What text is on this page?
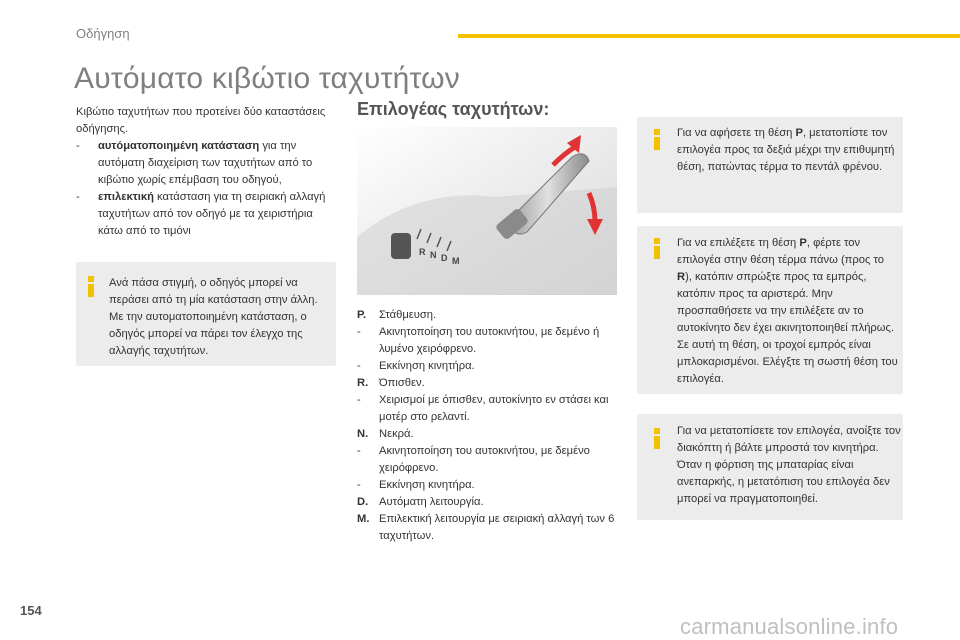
Οδήγηση
Αυτόματο κιβώτιο ταχυτήτων

Κιβώτιο ταχυτήτων που προτείνει δύο καταστάσεις οδήγησης.

-	αυτόματοποιημένη κατάσταση για την αυτόματη διαχείριση των ταχυτήτων από το κιβώτιο χωρίς επέμβαση του οδηγού,
-	επιλεκτική κατάσταση για τη σειριακή αλλαγή ταχυτήτων από τον οδηγό με τα χειριστήρια κάτω από το τιμόνι
Ανά πάσα στιγμή, ο οδηγός μπορεί να περάσει από τη μία κατάσταση στην άλλη. Με την αυτοματοποιημένη κατάσταση, ο οδηγός μπορεί να πάρει τον έλεγχο της αλλαγής ταχυτήτων.
Επιλογέας ταχυτήτων:
R N D M
P.	Στάθμευση.
-	Ακινητοποίηση του αυτοκινήτου, με δεμένο ή λυμένο χειρόφρενο.
-	Εκκίνηση κινητήρα.
R. Όπισθεν.
-	Χειρισμοί με όπισθεν, αυτοκίνητο εν στάσει και μοτέρ στο ρελαντί.
N. Νεκρά.
-	Ακινητοποίηση του αυτοκινήτου, με δεμένο χειρόφρενο.
-	Εκκίνηση κινητήρα.
D. Αυτόματη λειτουργία.
M. Επιλεκτική λειτουργία με σειριακή αλλαγή των 6 ταχυτήτων.
Για να αφήσετε τη θέση P, μετατοπίστε τον επιλογέα προς τα δεξιά μέχρι την επιθυμητή θέση, πατώντας τέρμα το πεντάλ φρένου.
Για να επιλέξετε τη θέση P, φέρτε τον επιλογέα στην θέση τέρμα πάνω (προς το R), κατόπιν σπρώξτε προς τα εμπρός, κατόπιν προς τα αριστερά. Μην προσπαθήσετε να την επιλέξετε αν το αυτοκίνητο δεν έχει ακινητοποιηθεί πλήρως. Σε αυτή τη θέση, οι τροχοί εμπρός είναι μπλοκαρισμένοι. Ελέγξτε τη σωστή θέση του επιλογέα.
Για να μετατοπίσετε τον επιλογέα, ανοίξτε τον διακόπτη ή βάλτε μπροστά τον κινητήρα.
Όταν η φόρτιση της μπαταρίας είναι ανεπαρκής, η μετατόπιση του επιλογέα δεν μπορεί να πραγματοποιηθεί.
154
carmanualsonline.info
